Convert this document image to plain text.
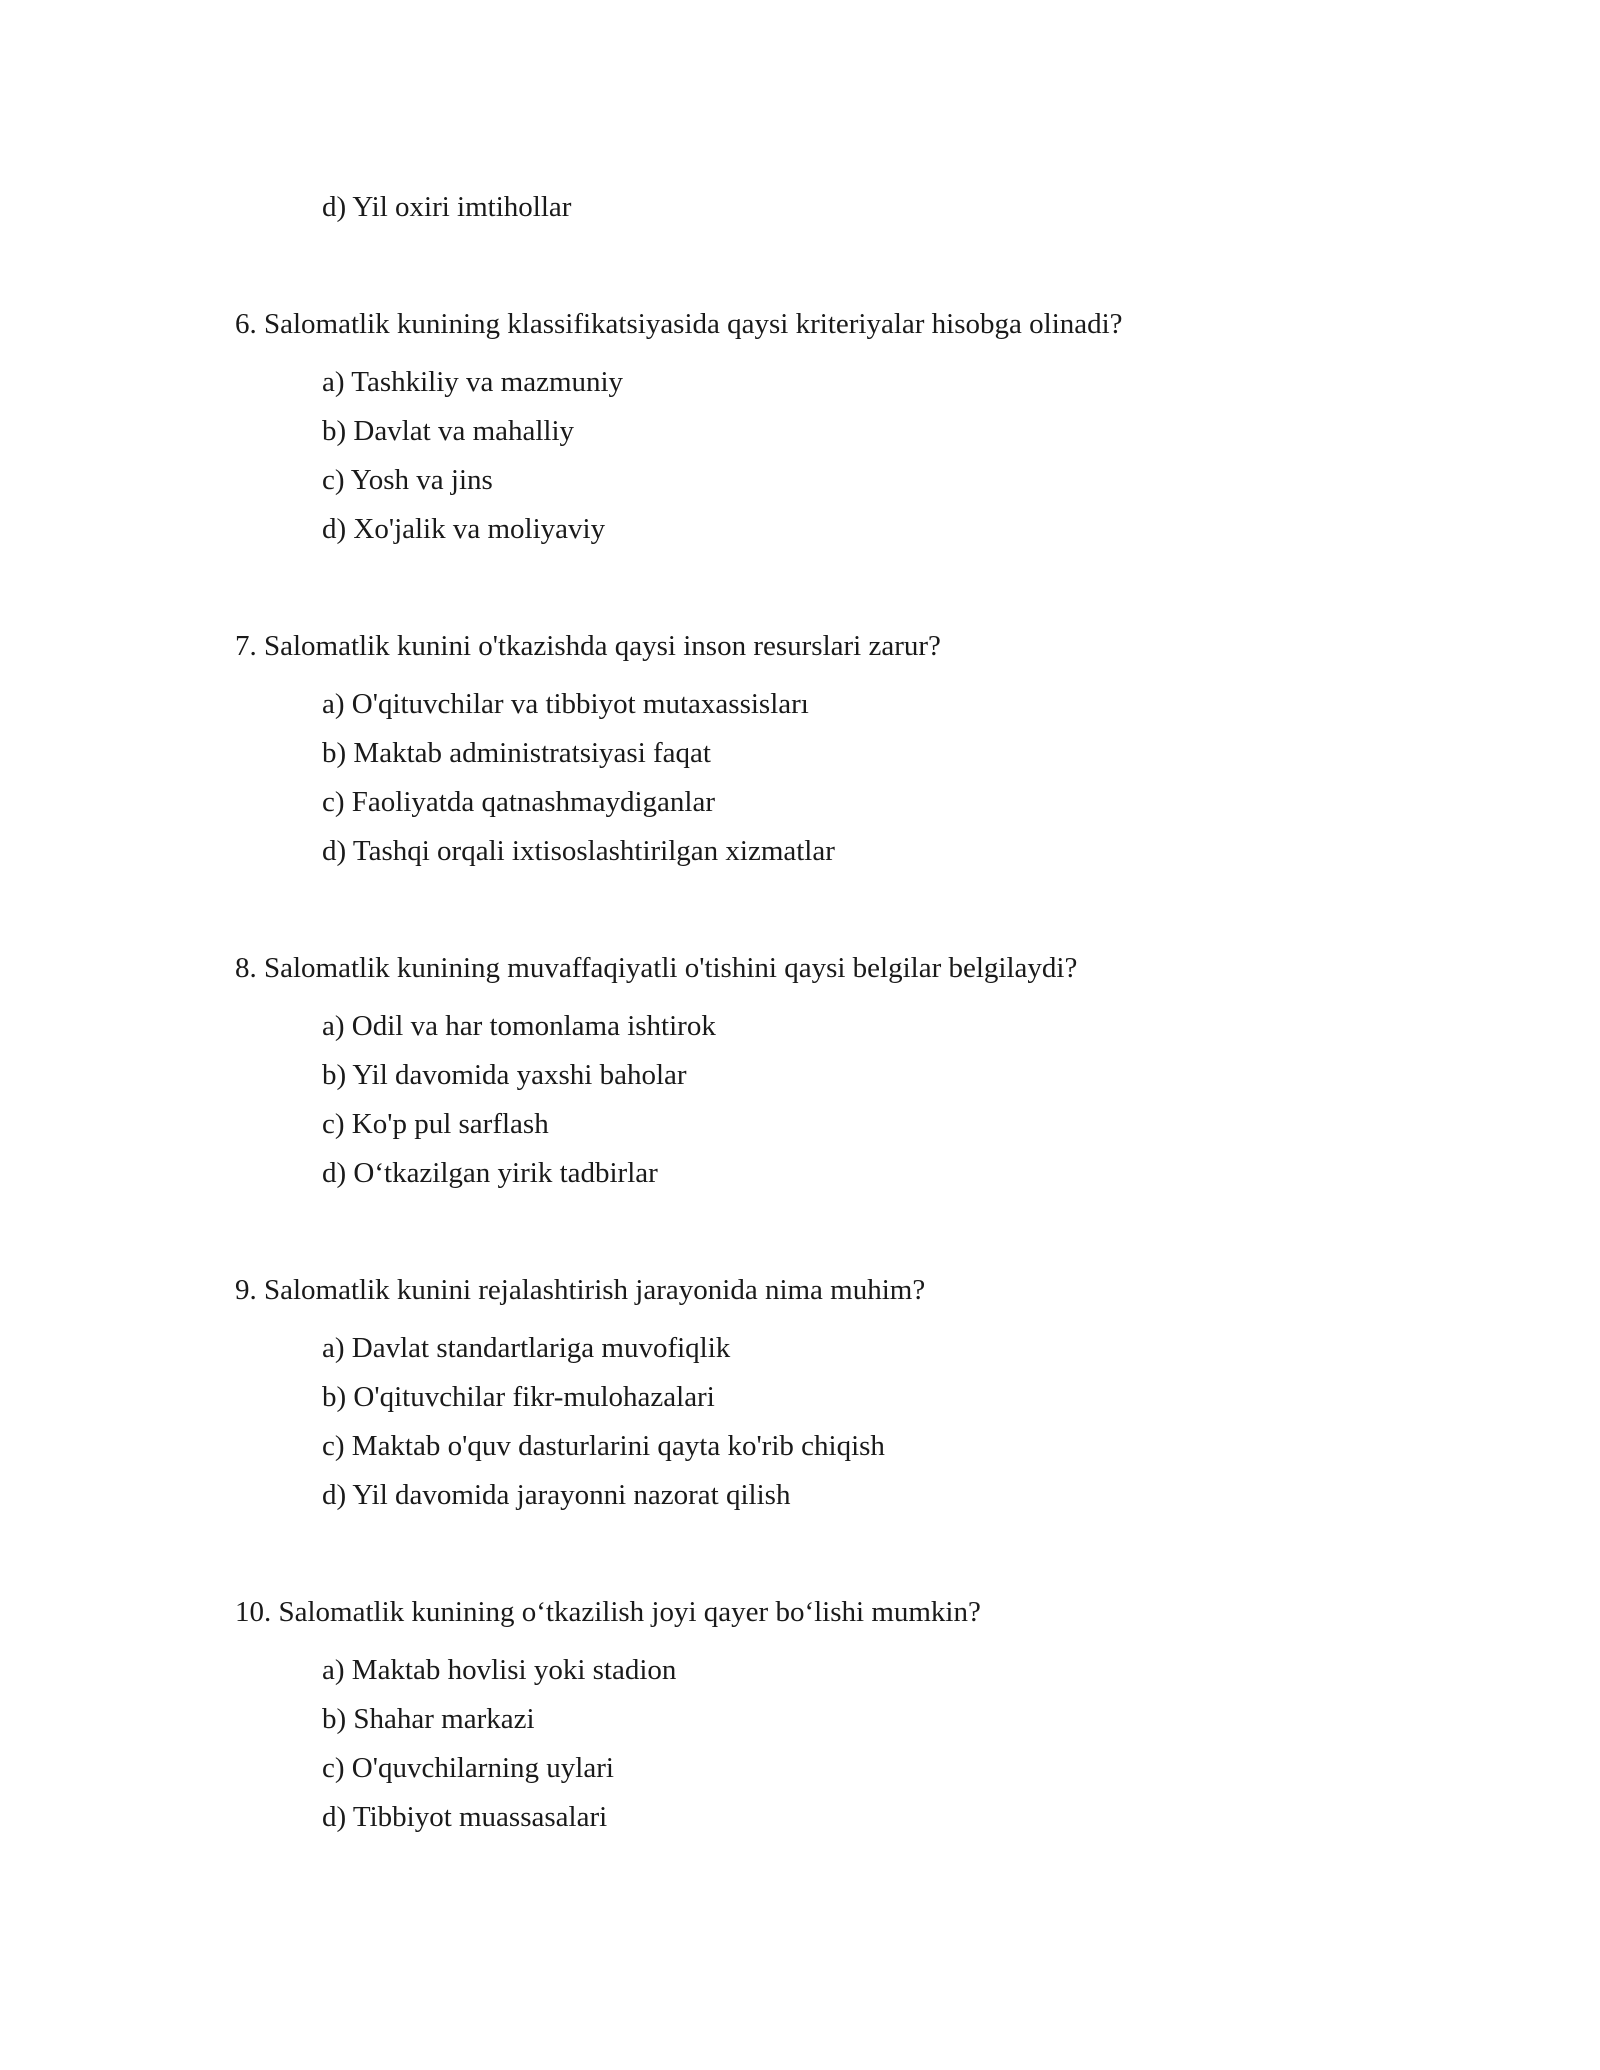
d) Yil oxiri imtihollar
6. Salomatlik kunining klassifikatsiyasida qaysi kriteriyalar hisobga olinadi?
a) Tashkiliy va mazmuniy
b) Davlat va mahalliy
c) Yosh va jins
d) Xo'jalik va moliyaviy
7. Salomatlik kunini o'tkazishda qaysi inson resurslari zarur?
a) O'qituvchilar va tibbiyot mutaxassisları
b) Maktab administratsiyasi faqat
c) Faoliyatda qatnashmaydiganlar
d) Tashqi orqali ixtisoslashtirilgan xizmatlar
8. Salomatlik kunining muvaffaqiyatli o'tishini qaysi belgilar belgilaydi?
a) Odil va har tomonlama ishtirok
b) Yil davomida yaxshi baholar
c) Ko'p pul sarflash
d) O‘tkazilgan yirik tadbirlar
9. Salomatlik kunini rejalashtirish jarayonida nima muhim?
a) Davlat standartlariga muvofiqlik
b) O'qituvchilar fikr-mulohazalari
c) Maktab o'quv dasturlarini qayta ko'rib chiqish
d) Yil davomida jarayonni nazorat qilish
10. Salomatlik kunining o‘tkazilish joyi qayer bo‘lishi mumkin?
a) Maktab hovlisi yoki stadion
b) Shahar markazi
c) O'quvchilarning uylari
d) Tibbiyot muassasalari
